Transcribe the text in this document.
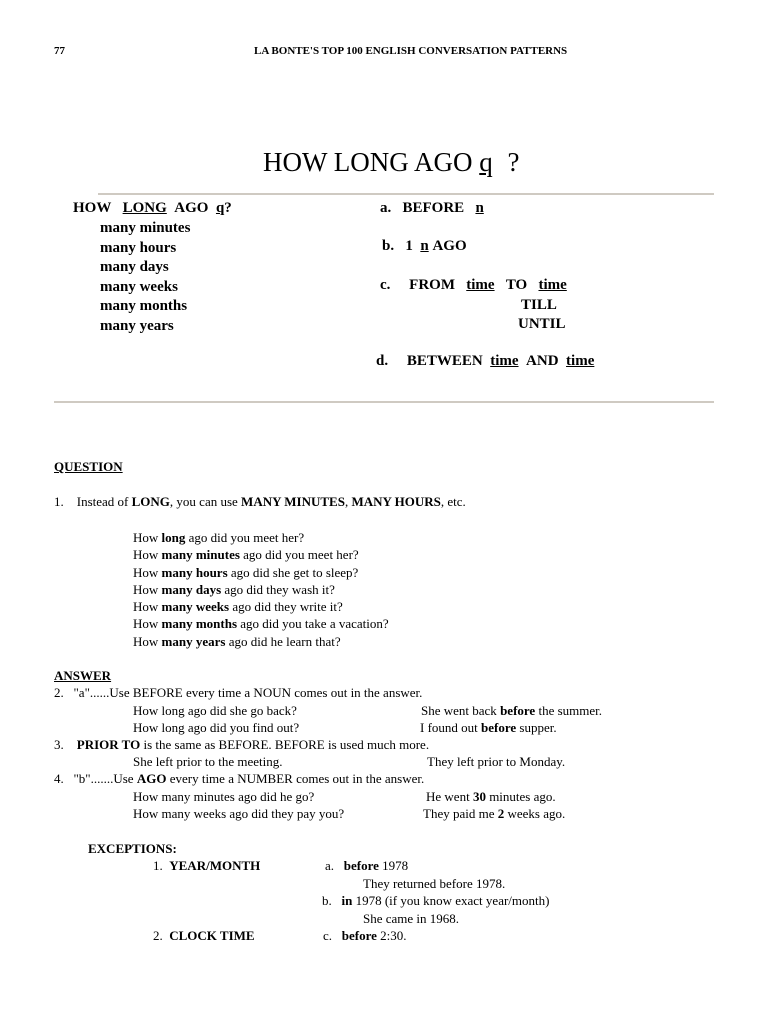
77	LA BONTE'S TOP 100 ENGLISH CONVERSATION PATTERNS
HOW LONG AGO q ?
HOW LONG AGO q?
many minutes
many hours
many days
many weeks
many months
many years
a. BEFORE n
b. 1 n AGO
c. FROM time TO time
TILL
UNTIL
d. BETWEEN time AND time
QUESTION
1. Instead of LONG, you can use MANY MINUTES, MANY HOURS, etc.
How long ago did you meet her?
How many minutes ago did you meet her?
How many hours ago did she get to sleep?
How many days ago did they wash it?
How many weeks ago did they write it?
How many months ago did you take a vacation?
How many years ago did he learn that?
ANSWER
2. "a"......Use BEFORE every time a NOUN comes out in the answer.
How long ago did she go back?	She went back before the summer.
How long ago did you find out?	I found out before supper.
3. PRIOR TO is the same as BEFORE. BEFORE is used much more.
She left prior to the meeting.	They left prior to Monday.
4. "b".......Use AGO every time a NUMBER comes out in the answer.
How many minutes ago did he go?	He went 30 minutes ago.
How many weeks ago did they pay you?	They paid me 2 weeks ago.
EXCEPTIONS:
1. YEAR/MONTH	a. before 1978
They returned before 1978.
b. in 1978 (if you know exact year/month)
She came in 1968.
2. CLOCK TIME	c. before 2:30.
